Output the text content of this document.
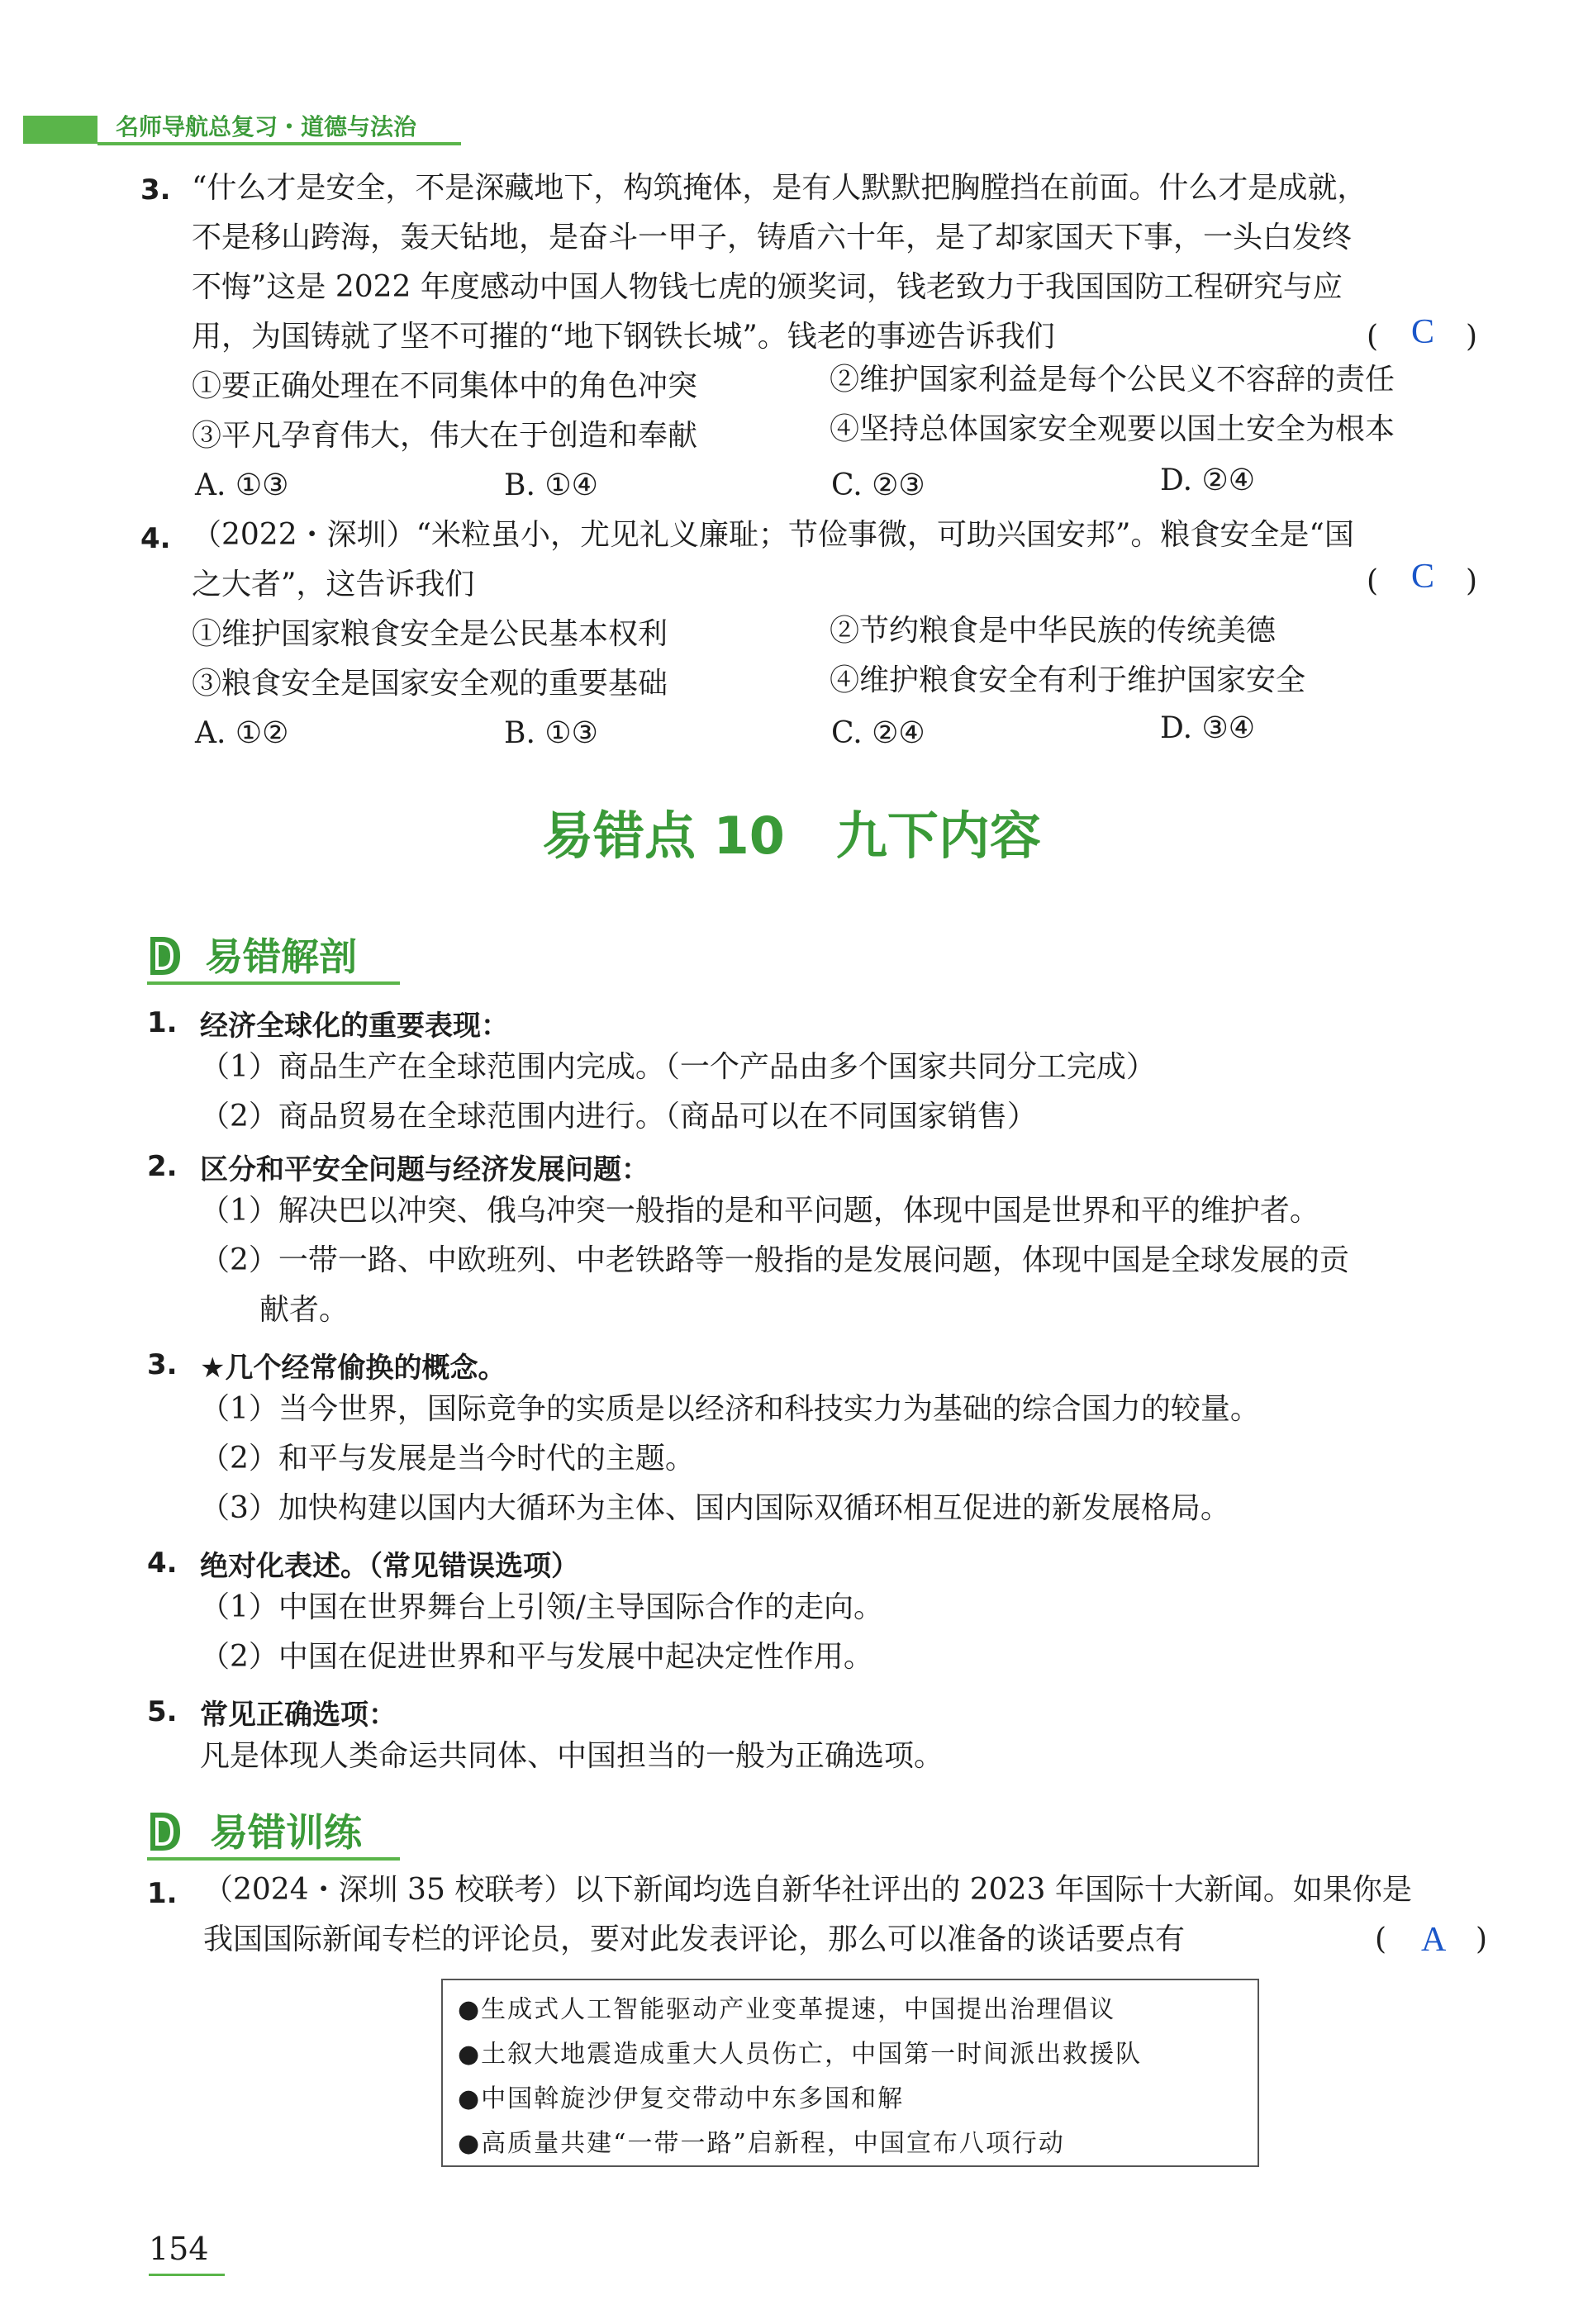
名师导航总复习・道德与法治
3. “什么才是安全，不是深藏地下，构筑掩体，是有人默默把胸膛挡在前面。什么才是成就，
不是移山跨海，轰天钻地，是奋斗一甲子，铸盾六十年，是了却家国天下事，一头白发终
不悔”这是 2022 年度感动中国人物钱七虎的颁奖词，钱老致力于我国国防工程研究与应
用，为国铸就了坚不可摧的“地下钢铁长城”。钱老的事迹告诉我们	( C )
①要正确处理在不同集体中的角色冲突	②维护国家利益是每个公民义不容辞的责任
③平凡孕育伟大，伟大在于创造和奉献	④坚持总体国家安全观要以国土安全为根本
A. ①③	B. ①④	C. ②③	D. ②④
4. （2022・深圳）“米粒虽小，尤见礼义廉耻；节俭事微，可助兴国安邦”。粮食安全是“国
之大者”，这告诉我们	( C )
①维护国家粮食安全是公民基本权利	②节约粮食是中华民族的传统美德
③粮食安全是国家安全观的重要基础	④维护粮食安全有利于维护国家安全
A. ①②	B. ①③	C. ②④	D. ③④
易错点 10　九下内容
易错解剖
1. 经济全球化的重要表现：
（1）商品生产在全球范围内完成。（一个产品由多个国家共同分工完成）
（2）商品贸易在全球范围内进行。（商品可以在不同国家销售）
2. 区分和平安全问题与经济发展问题：
（1）解决巴以冲突、俄乌冲突一般指的是和平问题，体现中国是世界和平的维护者。
（2）一带一路、中欧班列、中老铁路等一般指的是发展问题，体现中国是全球发展的贡
　　献者。
3. ★几个经常偷换的概念。
（1）当今世界，国际竞争的实质是以经济和科技实力为基础的综合国力的较量。
（2）和平与发展是当今时代的主题。
（3）加快构建以国内大循环为主体、国内国际双循环相互促进的新发展格局。
4. 绝对化表述。（常见错误选项）
（1）中国在世界舞台上引领/主导国际合作的走向。
（2）中国在促进世界和平与发展中起决定性作用。
5. 常见正确选项：
凡是体现人类命运共同体、中国担当的一般为正确选项。
易错训练
1. （2024・深圳 35 校联考）以下新闻均选自新华社评出的 2023 年国际十大新闻。如果你是
我国国际新闻专栏的评论员，要对此发表评论，那么可以准备的谈话要点有	( A )
●生成式人工智能驱动产业变革提速，中国提出治理倡议
●土叙大地震造成重大人员伤亡，中国第一时间派出救援队
●中国斡旋沙伊复交带动中东多国和解
●高质量共建“一带一路”启新程，中国宣布八项行动
154
